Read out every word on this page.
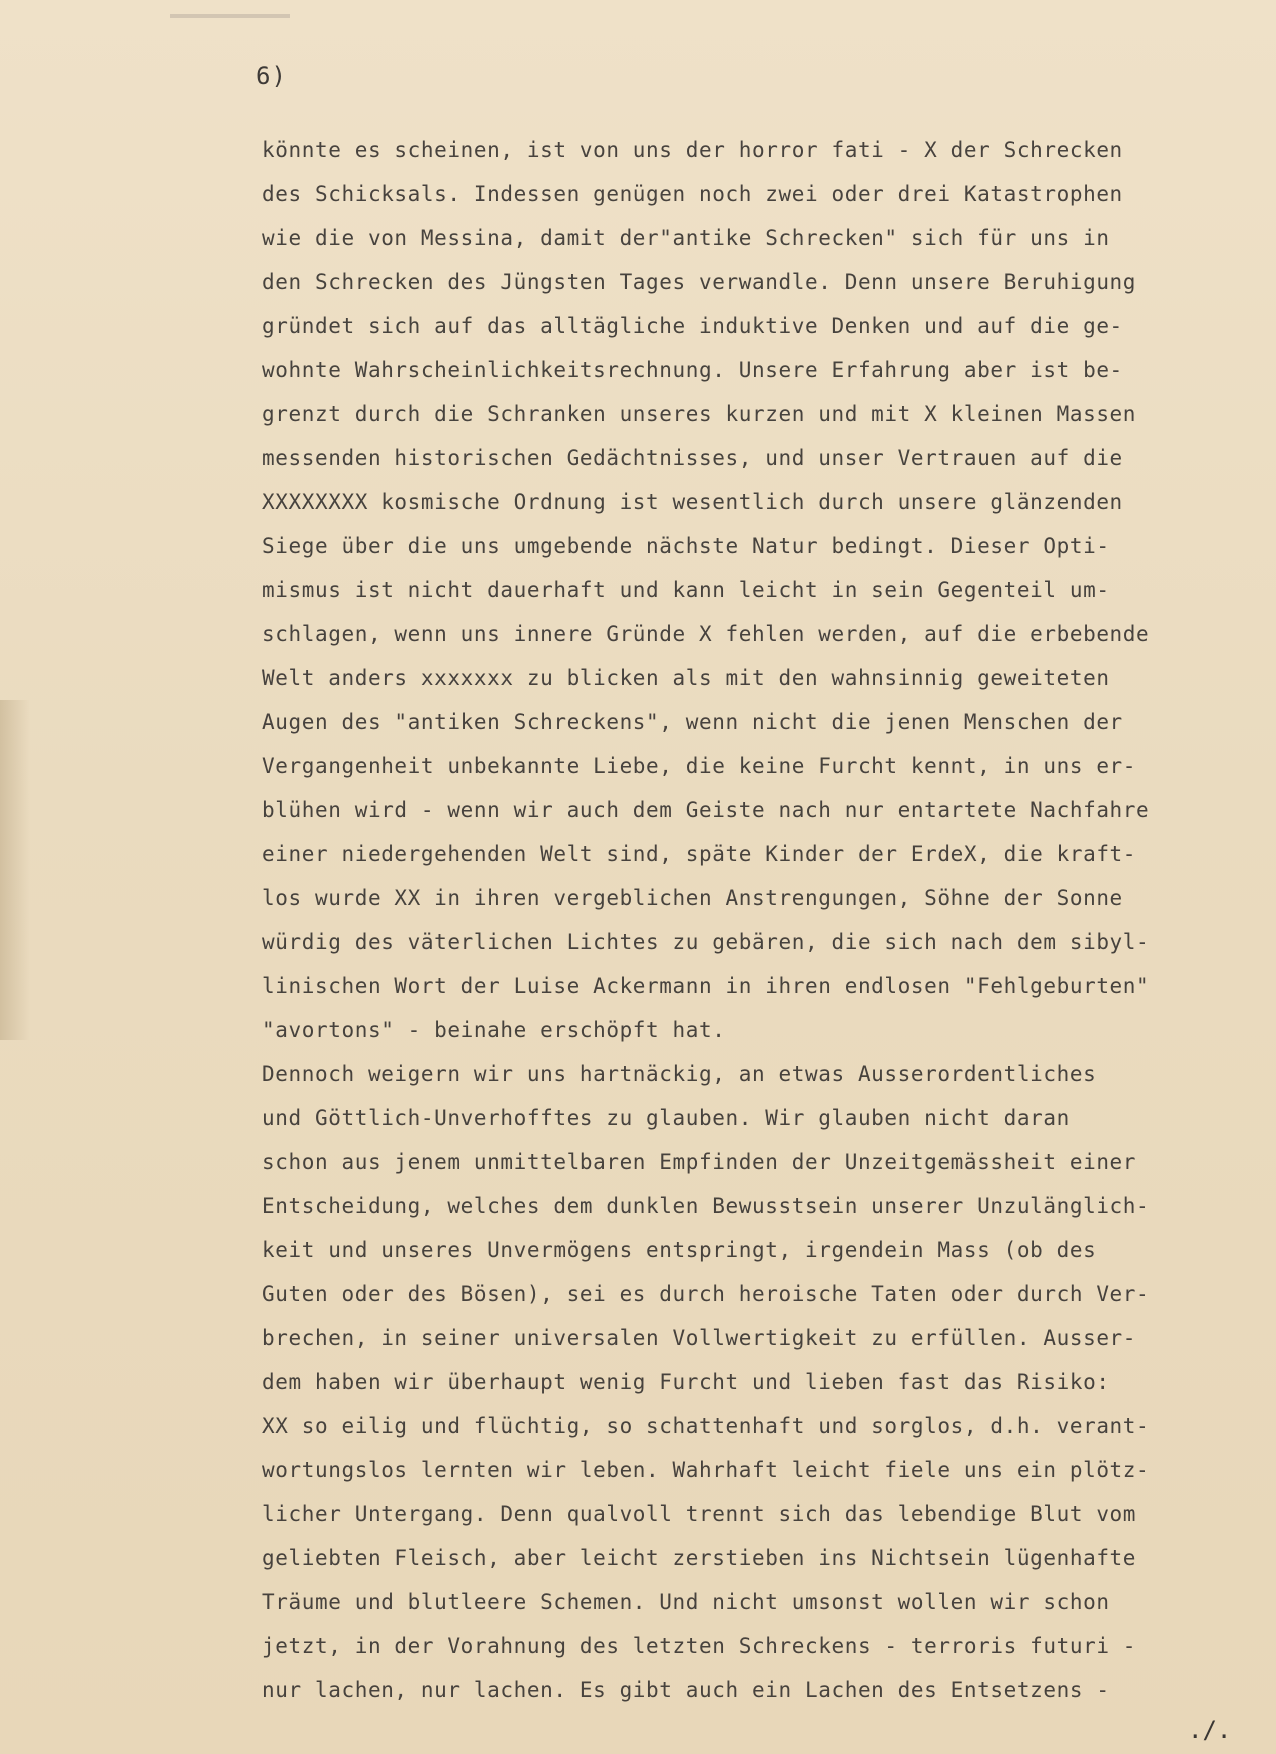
6)
könnte es scheinen, ist von uns der horror fati - X der Schrecken
des Schicksals. Indessen genügen noch zwei oder drei Katastrophen
wie die von Messina, damit der"antike Schrecken" sich für uns in
den Schrecken des Jüngsten Tages verwandle. Denn unsere Beruhigung
gründet sich auf das alltägliche induktive Denken und auf die ge-
wohnte Wahrscheinlichkeitsrechnung. Unsere Erfahrung aber ist be-
grenzt durch die Schranken unseres kurzen und mit X kleinen Massen
messenden historischen Gedächtnisses, und unser Vertrauen auf die
XXXXXXXX kosmische Ordnung ist wesentlich durch unsere glänzenden
Siege über die uns umgebende nächste Natur bedingt. Dieser Opti-
mismus ist nicht dauerhaft und kann leicht in sein Gegenteil um-
schlagen, wenn uns innere Gründe X fehlen werden, auf die erbebende
Welt anders xxxxxxx zu blicken als mit den wahnsinnig geweiteten
Augen des "antiken Schreckens", wenn nicht die jenen Menschen der
Vergangenheit unbekannte Liebe, die keine Furcht kennt, in uns er-
blühen wird - wenn wir auch dem Geiste nach nur entartete Nachfahre
einer niedergehenden Welt sind, späte Kinder der ErdeX, die kraft-
los wurde XX in ihren vergeblichen Anstrengungen, Söhne der Sonne
würdig des väterlichen Lichtes zu gebären, die sich nach dem sibyl-
linischen Wort der Luise Ackermann in ihren endlosen "Fehlgeburten"
"avortons" - beinahe erschöpft hat.
Dennoch weigern wir uns hartnäckig, an etwas Ausserordentliches
und Göttlich-Unverhofftes zu glauben. Wir glauben nicht daran
schon aus jenem unmittelbaren Empfinden der Unzeitgemässheit einer
Entscheidung, welches dem dunklen Bewusstsein unserer Unzulänglich-
keit und unseres Unvermögens entspringt, irgendein Mass (ob des
Guten oder des Bösen), sei es durch heroische Taten oder durch Ver-
brechen, in seiner universalen Vollwertigkeit zu erfüllen. Ausser-
dem haben wir überhaupt wenig Furcht und lieben fast das Risiko:
XX so eilig und flüchtig, so schattenhaft und sorglos, d.h. verant-
wortungslos lernten wir leben. Wahrhaft leicht fiele uns ein plötz-
licher Untergang. Denn qualvoll trennt sich das lebendige Blut vom
geliebten Fleisch, aber leicht zerstieben ins Nichtsein lügenhafte
Träume und blutleere Schemen. Und nicht umsonst wollen wir schon
jetzt, in der Vorahnung des letzten Schreckens - terroris futuri -
nur lachen, nur lachen. Es gibt auch ein Lachen des Entsetzens -
./.
